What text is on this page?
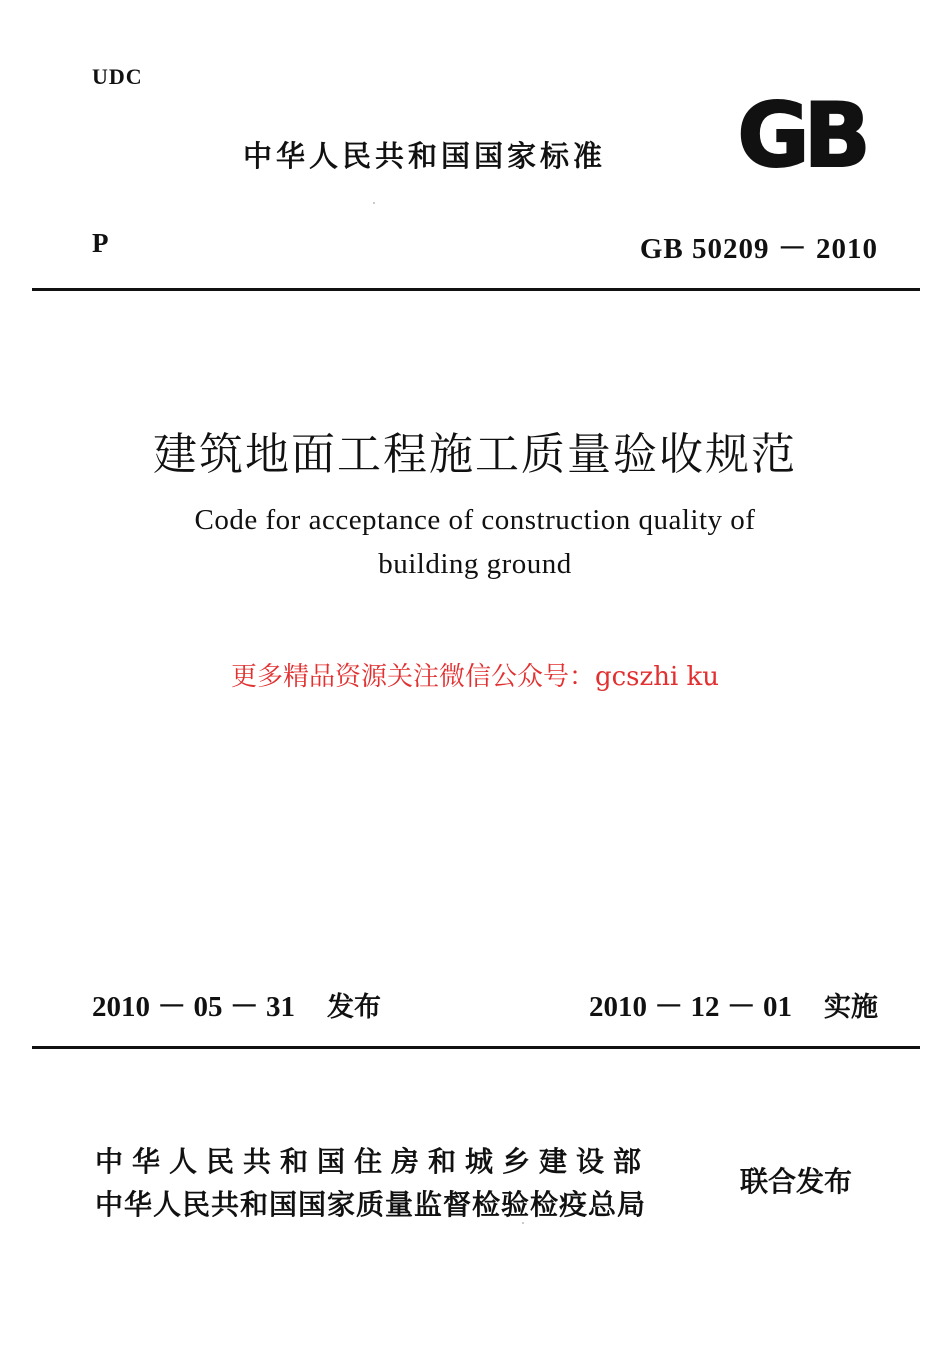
UDC
中华人民共和国国家标准 GB
P	GB 50209 － 2010
建筑地面工程施工质量验收规范
Code for acceptance of construction quality of
building ground
更多精品资源关注微信公众号：gcszhi ku
2010 － 05 － 31 发布	2010 － 12 － 01 实施
中华人民共和国住房和城乡建设部
中华人民共和国国家质量监督检验检疫总局
联合发布
